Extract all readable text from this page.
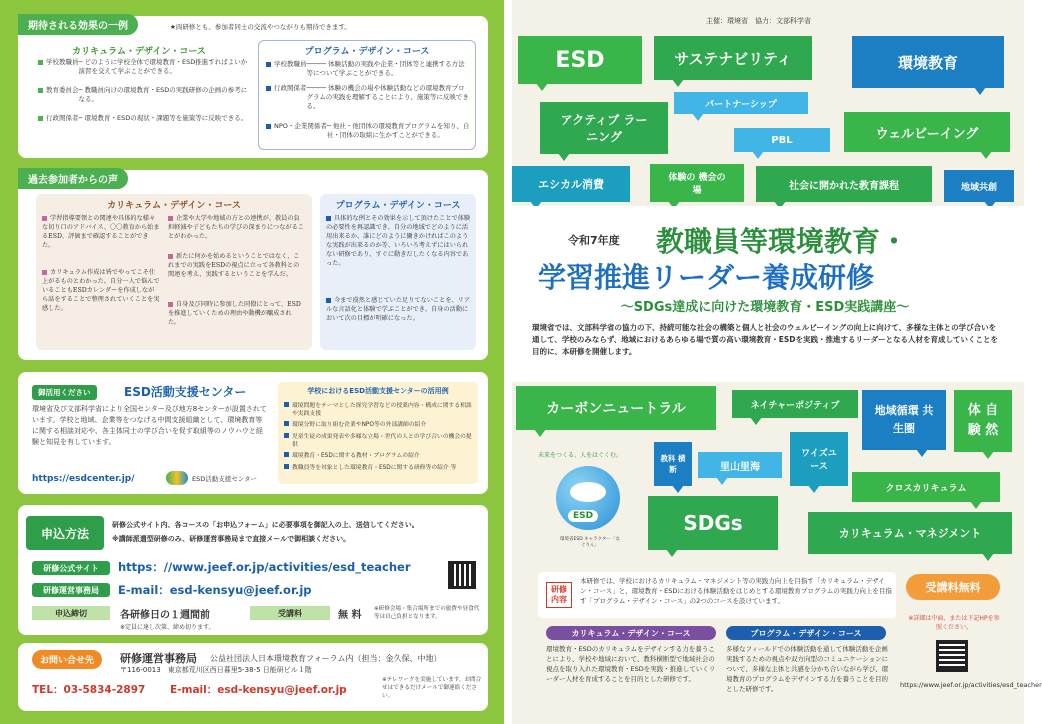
期待される効果の一例	★両研修とも、参加者同士の交流やつながりも期待できます。
カリキュラム・デザイン・コース
学校教職員 ─ どのように学校全体で環境教育・ESD推進すればよいか演習を交えて学ぶことができる。
教育委員会 ─ 教職員向けの環境教育・ESDの実践研修の企画の参考になる。
行政関係者 ─ 環境教育・ESDの現状・課題等を施策等に反映できる。
プログラム・デザイン・コース
学校教職員 ───── 体験活動の実践や企業・団体等と連携する方法等について学ぶことができる。
行政関係者 ───── 体験の機会の場や体験活動などの環境教育プログラムの実践を理解することにより、施策等に反映できる。
NPO・企業関係者 ─ 他社・他団体の環境教育プログラムを知り、自社・団体の取組に生かすことができる。
過去参加者からの声
カリキュラム・デザイン・コース
学習指導要領との関連や具体的な様々な切り口のアドバイス、〇〇教育から始まるESD、評価まで確認することができた。
カリキュラム作成は皆でやってこそ仕上がるものとわかった。自分一人で悩んでいることもESDカレンダーを作成しながら話をすることで整理されていくことを実感した。
企業や大学や地域の方との連携が、教員の負担軽減や子どもたちの学びの深まりにつながることがわかった。
新たに何かを始めるということではなく、これまでの実践をESDの視点に立って各教科との関連を考え、実践するということを学んだ。
自身及び同時に参加した同僚にとって、ESDを推進していくための理由や動機が醸成された。
プログラム・デザイン・コース
具体的な例とその効果を示して頂けたことで体験の必要性を再認識でき、自分の地域でどのように活用出来るか、誰にどのように働きかければこのような実践が出来るのか等、いろいろ考えずにはいられない研修であり、すぐに動きだしたくなる内容であった。
今まで漠然と感じていた足りてないことを、リアルな言語化と体験で学ぶことができ、自身の活動において次の目標が明確になった。
御活用ください	ESD活動支援センター
環境省及び文部科学省により全国センター及び地方8センターが設置されています。学校と地域、企業等をつなげる中間支援組織として、環境教育等に関する相談対応や、各主体同士の学び合いを促す取組等のノウハウと経験と知見を有しています。
https://esdcenter.jp/	ESD活動支援センター
学校におけるESD活動支援センターの活用例
環境問題をテーマとした探究学習などの授業内容・構成に関する相談や実践支援
環境分野に取り組む企業やNPO等の外部講師の紹介
児童生徒の成果発表や多様な立場・世代の人との学び合いの機会の提供
環境教育・ESDに関する教材・プログラムの紹介
教職員等を対象とした環境教育・ESDに関する研修等の紹介 等
申込方法
研修公式サイト内、各コースの「お申込フォーム」に必要事項を御記入の上、送信してください。
※講師派遣型研修のみ、研修運営事務局まで直接メールで御相談ください。
研修公式サイト	https：//www.jeef.or.jp/activities/esd_teacher
研修運営事務局	E-mail：esd-kensyu@jeef.or.jp
申込締切	各研修日の１週間前
※定員に達し次第、締め切ります。
受講料	無 料
※研修会場・集合場所までの旅費や昼食代等は自己負担となります。
お問い合せ先	研修運営事務局 公益社団法人日本環境教育フォーラム内（担当：金久保、中地）
〒116-0013　東京都荒川区西日暮里5-38-5 日能研ビル１階
TEL：03-5834-2897 E-mail：esd-kensyu@jeef.or.jp
※テレワークを実施しています。お問合せはできるだけメールで御連絡ください。
主催：環境省　協力：文部科学省
ESD	サステナビリティ	環境教育
パートナーシップ
アクティブ ラーニング	PBL	ウェルビーイング
エシカル消費	体験の 機会の場	社会に開かれた教育課程	地域共創
令和7年度 教職員等環境教育・
学習推進リーダー養成研修
～SDGs達成に向けた環境教育・ESD実践講座～
環境省では、文部科学省の協力の下、持続可能な社会の構築と個人と社会のウェルビーイングの向上に向けて、多様な主体との学び合いを通して、学校のみならず、地域におけるあらゆる場で質の高い環境教育・ESDを実践・推進するリーダーとなる人材を育成していくことを目的に、本研修を開催します。
カーボンニュートラル	ネイチャーポジティブ	地域循環 共生圏
体 自 験 然
教科 横断	里山里海
ワイズユース
クロスカリキュラム
SDGs	カリキュラム・マネジメント
未来をつくる、人をはぐくむ。
ESD
環境省ESD キャラクター「なぐりん」
研修 内容
本研修では、学校におけるカリキュラム・マネジメント等の実践力向上を目指す「カリキュラム・デザイン・コース」と、環境教育・ESDにおける体験活動をはじめとする環境教育プログラムの実践力向上を目指す「プログラム・デザイン・コース」の2つのコースを設けています。
受講料無料
※詳細は中面、または下記HPを参照ください。
カリキュラム・デザイン・コース
環境教育・ESDのカリキュラムをデザインする力を養うことにより、学校や地域において、教科横断型で地域社会の視点を取り入れた環境教育・ESDを実践・推進していくリーダー人材を育成することを目的とした研修です。
プログラム・デザイン・コース
多様なフィールドでの体験活動を通して体験活動を企画実践するための視点や双方向型のコミュニケーションについて、多様な主体と共感を分かち合いながら学び、環境教育のプログラムをデザインする力を養うことを目的とした研修です。	https://www.jeef.or.jp/activities/esd_teacher
